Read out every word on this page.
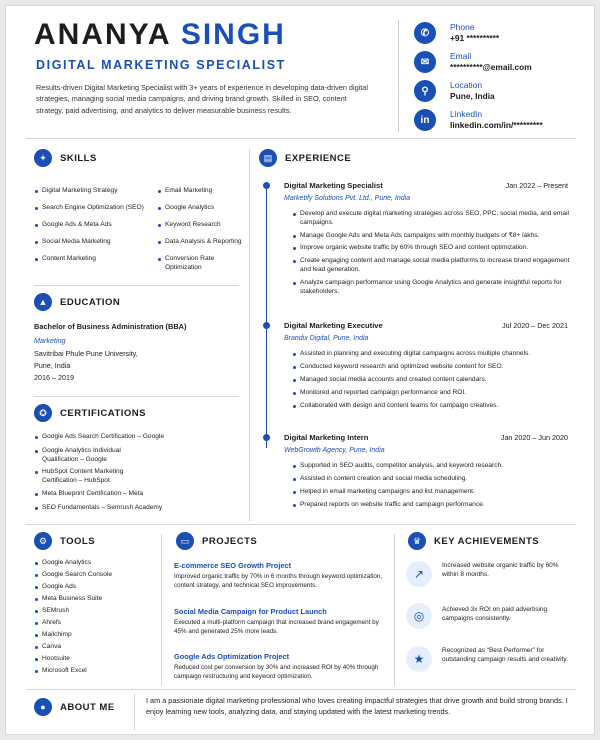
ANANYA SINGH
DIGITAL MARKETING SPECIALIST
Results-driven Digital Marketing Specialist with 3+ years of experience in developing data-driven digital strategies, managing social media campaigns, and driving brand growth. Skilled in SEO, content strategy, paid advertising, and analytics to deliver measurable business results.
✆
Phone
+91 **********
✉
Email
**********@email.com
⚲
Location
Pune, India
in
LinkedIn
linkedin.com/in/*********
✦	SKILLS
Digital Marketing Strategy
Search Engine Optimization (SEO)
Google Ads & Meta Ads
Social Media Marketing
Content Marketing
Email Marketing
Google Analytics
Keyword Research
Data Analysis & Reporting
Conversion Rate Optimization
▲	EDUCATION
Bachelor of Business Administration (BBA)
Marketing
Savitribai Phule Pune University,
Pune, India
2016 – 2019
✪	CERTIFICATIONS
Google Ads Search Certification – Google
Google Analytics Individual Qualification – Google
HubSpot Content Marketing Certification – HubSpot
Meta Blueprint Certification – Meta
SEO Fundamentals – Semrush Academy
▤	EXPERIENCE
Digital Marketing Specialist	Jan 2022 – Present
Marketify Solutions Pvt. Ltd., Pune, India
Develop and execute digital marketing strategies across SEO, PPC, social media, and email campaigns.
Manage Google Ads and Meta Ads campaigns with monthly budgets of ₹8+ lakhs.
Improve organic website traffic by 60% through SEO and content optimization.
Create engaging content and manage social media platforms to increase brand engagement and lead generation.
Analyze campaign performance using Google Analytics and generate insightful reports for stakeholders.
Digital Marketing Executive	Jul 2020 – Dec 2021
Brandix Digital, Pune, India
Assisted in planning and executing digital campaigns across multiple channels.
Conducted keyword research and optimized website content for SEO.
Managed social media accounts and created content calendars.
Monitored and reported campaign performance and ROI.
Collaborated with design and content teams for campaign creatives.
Digital Marketing Intern	Jan 2020 – Jun 2020
WebGrowth Agency, Pune, India
Supported in SEO audits, competitor analysis, and keyword research.
Assisted in content creation and social media scheduling.
Helped in email marketing campaigns and list management.
Prepared reports on website traffic and campaign performance.
⚙	TOOLS
Google Analytics
Google Search Console
Google Ads
Meta Business Suite
SEMrush
Ahrefs
Mailchimp
Canva
Hootsuite
Microsoft Excel
▭	PROJECTS
E-commerce SEO Growth Project
Improved organic traffic by 70% in 6 months through keyword optimization, content strategy, and technical SEO improvements.
Social Media Campaign for Product Launch
Executed a multi-platform campaign that increased brand engagement by 45% and generated 25% more leads.
Google Ads Optimization Project
Reduced cost per conversion by 30% and increased ROI by 40% through campaign restructuring and keyword optimization.
♛	KEY ACHIEVEMENTS
↗
Increased website organic traffic by 60% within 8 months.
◎	Achieved 3x ROI on paid advertising campaigns consistently.
★
Recognized as “Best Performer” for outstanding campaign results and creativity.
●	ABOUT ME
I am a passionate digital marketing professional who loves creating impactful strategies that drive growth and build strong brands. I enjoy learning new tools, analyzing data, and staying updated with the latest marketing trends.
